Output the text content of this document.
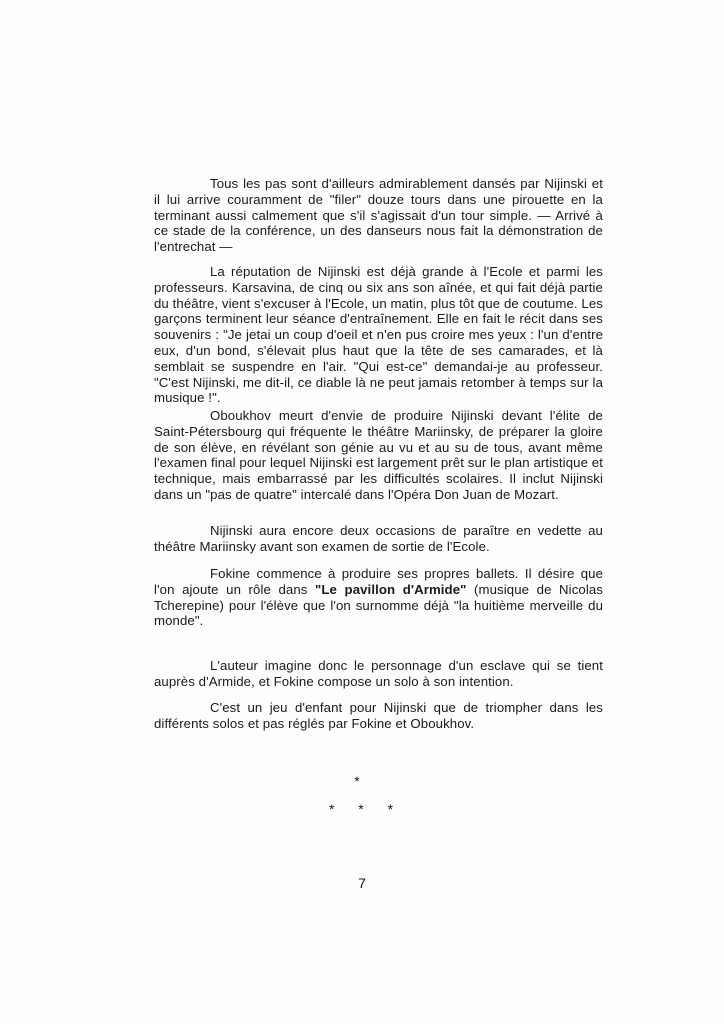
Tous les pas sont d'ailleurs admirablement dansés par Nijinski et il lui arrive couramment de "filer" douze tours dans une pirouette en la terminant aussi calmement que s'il s'agissait d'un tour simple. — Arrivé à ce stade de la conférence, un des danseurs nous fait la démonstration de l'entrechat —

La réputation de Nijinski est déjà grande à l'Ecole et parmi les professeurs. Karsavina, de cinq ou six ans son aînée, et qui fait déjà partie du théâtre, vient s'excuser à l'Ecole, un matin, plus tôt que de coutume. Les garçons terminent leur séance d'entraînement. Elle en fait le récit dans ses souvenirs : "Je jetai un coup d'oeil et n'en pus croire mes yeux : l'un d'entre eux, d'un bond, s'élevait plus haut que la tête de ses camarades, et là semblait se suspendre en l'air. "Qui est-ce" demandai-je au professeur. "C'est Nijinski, me dit-il, ce diable là ne peut jamais retomber à temps sur la musique !".

Oboukhov meurt d'envie de produire Nijinski devant l'élite de Saint-Pétersbourg qui fréquente le théâtre Mariinsky, de préparer la gloire de son élève, en révélant son génie au vu et au su de tous, avant même l'examen final pour lequel Nijinski est largement prêt sur le plan artistique et technique, mais embarrassé par les difficultés scolaires. Il inclut Nijinski dans un "pas de quatre" intercalé dans l'Opéra Don Juan de Mozart.

Nijinski aura encore deux occasions de paraître en vedette au théâtre Mariinsky avant son examen de sortie de l'Ecole.

Fokine commence à produire ses propres ballets. Il désire que l'on ajoute un rôle dans "Le pavillon d'Armide" (musique de Nicolas Tcherepine) pour l'élève que l'on surnomme déjà "la huitième merveille du monde".

L'auteur imagine donc le personnage d'un esclave qui se tient auprès d'Armide, et Fokine compose un solo à son intention.

C'est un jeu d'enfant pour Nijinski que de triompher dans les différents solos et pas réglés par Fokine et Oboukhov.

*
* * *
7
